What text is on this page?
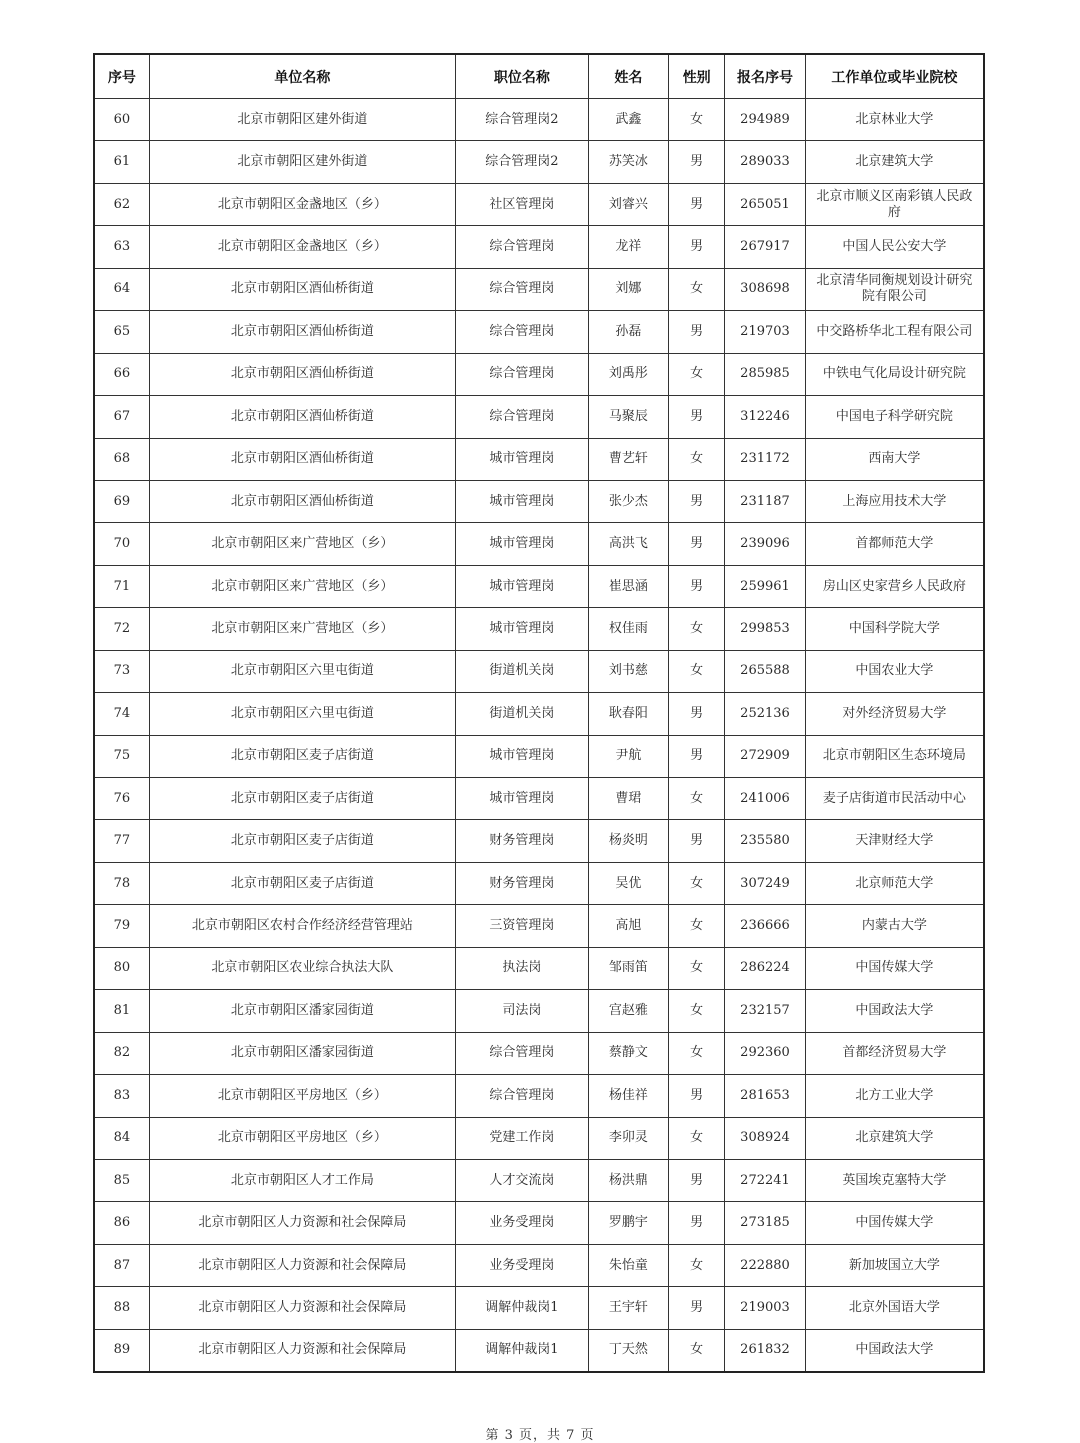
序号	单位名称	职位名称	姓名	性别	报名序号	工作单位或毕业院校
60	北京市朝阳区建外街道	综合管理岗2	武鑫	女	294989	北京林业大学
61	北京市朝阳区建外街道	综合管理岗2	苏笑冰	男	289033	北京建筑大学
62	北京市朝阳区金盏地区（乡）	社区管理岗	刘睿兴	男	265051	北京市顺义区南彩镇人民政府
63	北京市朝阳区金盏地区（乡）	综合管理岗	龙祥	男	267917	中国人民公安大学
64	北京市朝阳区酒仙桥街道	综合管理岗	刘娜	女	308698	北京清华同衡规划设计研究院有限公司
65	北京市朝阳区酒仙桥街道	综合管理岗	孙磊	男	219703	中交路桥华北工程有限公司
66	北京市朝阳区酒仙桥街道	综合管理岗	刘禹彤	女	285985	中铁电气化局设计研究院
67	北京市朝阳区酒仙桥街道	综合管理岗	马聚辰	男	312246	中国电子科学研究院
68	北京市朝阳区酒仙桥街道	城市管理岗	曹艺轩	女	231172	西南大学
69	北京市朝阳区酒仙桥街道	城市管理岗	张少杰	男	231187	上海应用技术大学
70	北京市朝阳区来广营地区（乡）	城市管理岗	高洪飞	男	239096	首都师范大学
71	北京市朝阳区来广营地区（乡）	城市管理岗	崔思涵	男	259961	房山区史家营乡人民政府
72	北京市朝阳区来广营地区（乡）	城市管理岗	权佳雨	女	299853	中国科学院大学
73	北京市朝阳区六里屯街道	街道机关岗	刘书慈	女	265588	中国农业大学
74	北京市朝阳区六里屯街道	街道机关岗	耿春阳	男	252136	对外经济贸易大学
75	北京市朝阳区麦子店街道	城市管理岗	尹航	男	272909	北京市朝阳区生态环境局
76	北京市朝阳区麦子店街道	城市管理岗	曹珺	女	241006	麦子店街道市民活动中心
77	北京市朝阳区麦子店街道	财务管理岗	杨炎明	男	235580	天津财经大学
78	北京市朝阳区麦子店街道	财务管理岗	吴优	女	307249	北京师范大学
79	北京市朝阳区农村合作经济经营管理站	三资管理岗	高旭	女	236666	内蒙古大学
80	北京市朝阳区农业综合执法大队	执法岗	邹雨笛	女	286224	中国传媒大学
81	北京市朝阳区潘家园街道	司法岗	宫赵雅	女	232157	中国政法大学
82	北京市朝阳区潘家园街道	综合管理岗	蔡静文	女	292360	首都经济贸易大学
83	北京市朝阳区平房地区（乡）	综合管理岗	杨佳祥	男	281653	北方工业大学
84	北京市朝阳区平房地区（乡）	党建工作岗	李卯灵	女	308924	北京建筑大学
85	北京市朝阳区人才工作局	人才交流岗	杨洪鼎	男	272241	英国埃克塞特大学
86	北京市朝阳区人力资源和社会保障局	业务受理岗	罗鹏宇	男	273185	中国传媒大学
87	北京市朝阳区人力资源和社会保障局	业务受理岗	朱怡童	女	222880	新加坡国立大学
88	北京市朝阳区人力资源和社会保障局	调解仲裁岗1	王宇轩	男	219003	北京外国语大学
89	北京市朝阳区人力资源和社会保障局	调解仲裁岗1	丁天然	女	261832	中国政法大学
第 3 页，共 7 页
